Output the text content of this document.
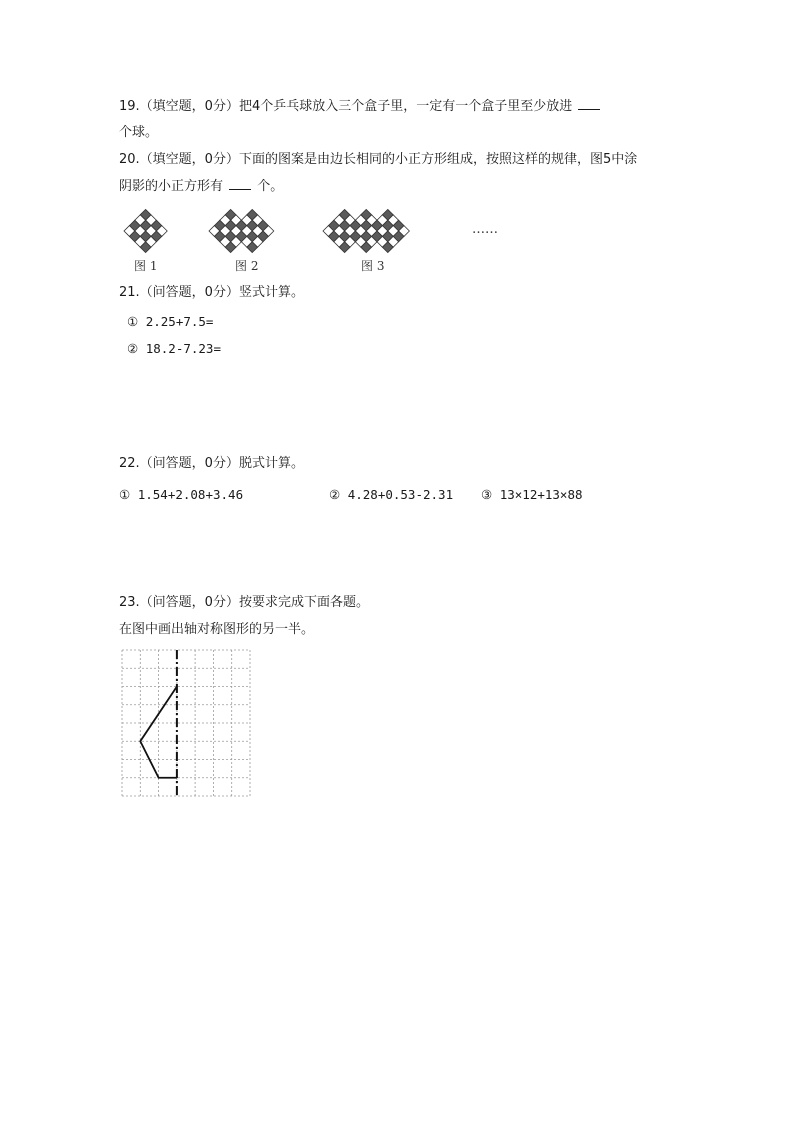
19.（填空题，0分）把4个乒乓球放入三个盒子里，一定有一个盒子里至少放进
个球。
20.（填空题，0分）下面的图案是由边长相同的小正方形组成，按照这样的规律，图5中涂
阴影的小正方形有	个。
图 1	图 2	图 3
……
21.（问答题，0分）竖式计算。
① 2.25+7.5=
② 18.2-7.23=
22.（问答题，0分）脱式计算。
① 1.54+2.08+3.46	② 4.28+0.53-2.31 ③ 13×12+13×88
23.（问答题，0分）按要求完成下面各题。
在图中画出轴对称图形的另一半。
